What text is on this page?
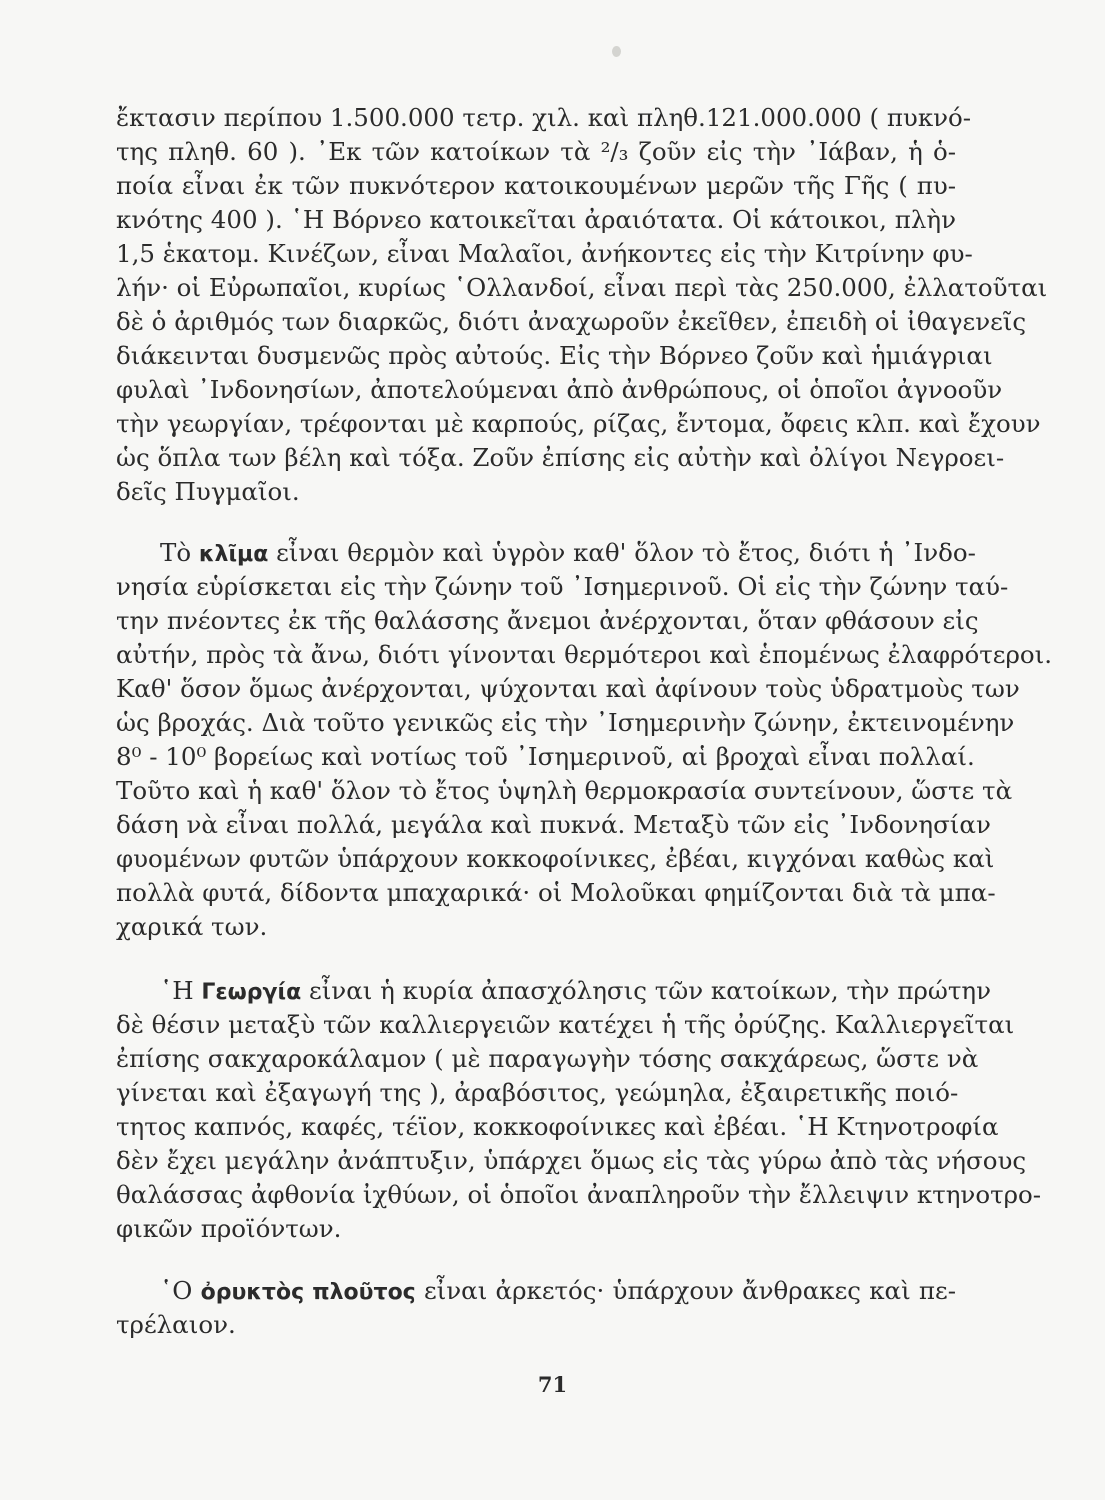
ἔκτασιν περίπου 1.500.000 τετρ. χιλ. καὶ πληθ.121.000.000 ( πυκνό-
της πληθ. 60 ). ᾿Εκ τῶν κατοίκων τὰ ²/₃ ζοῦν εἰς τὴν ᾿Ιάβαν, ἡ ὁ-
ποία εἶναι ἐκ τῶν πυκνότερον κατοικουμένων μερῶν τῆς Γῆς ( πυ-
κνότης 400 ). ῾Η Βόρνεο κατοικεῖται ἀραιότατα. Οἱ κάτοικοι, πλὴν
1,5 ἑκατομ. Κινέζων, εἶναι Μαλαῖοι, ἀνήκοντες εἰς τὴν Κιτρίνην φυ-
λήν· οἱ Εὐρωπαῖοι, κυρίως ῾Ολλανδοί, εἶναι περὶ τὰς 250.000, ἐλλατοῦται
δὲ ὁ ἀριθμός των διαρκῶς, διότι ἀναχωροῦν ἐκεῖθεν, ἐπειδὴ οἱ ἰθαγενεῖς
διάκεινται δυσμενῶς πρὸς αὐτούς. Εἰς τὴν Βόρνεο ζοῦν καὶ ἡμιάγριαι
φυλαὶ ᾿Ινδονησίων, ἀποτελούμεναι ἀπὸ ἀνθρώπους, οἱ ὁποῖοι ἀγνοοῦν
τὴν γεωργίαν, τρέφονται μὲ καρπούς, ρίζας, ἔντομα, ὄφεις κλπ. καὶ ἔχουν
ὡς ὅπλα των βέλη καὶ τόξα. Ζοῦν ἐπίσης εἰς αὐτὴν καὶ ὀλίγοι Νεγροει-
δεῖς Πυγμαῖοι.
Τὸ κλῖμα εἶναι θερμὸν καὶ ὑγρὸν καθ' ὅλον τὸ ἔτος, διότι ἡ ᾿Ινδο-
νησία εὑρίσκεται εἰς τὴν ζώνην τοῦ ᾿Ισημερινοῦ. Οἱ εἰς τὴν ζώνην ταύ-
την πνέοντες ἐκ τῆς θαλάσσης ἄνεμοι ἀνέρχονται, ὅταν φθάσουν εἰς
αὐτήν, πρὸς τὰ ἄνω, διότι γίνονται θερμότεροι καὶ ἑπομένως ἐλαφρότεροι.
Καθ' ὅσον ὅμως ἀνέρχονται, ψύχονται καὶ ἀφίνουν τοὺς ὑδρατμοὺς των
ὡς βροχάς. Διὰ τοῦτο γενικῶς εἰς τὴν ᾿Ισημερινὴν ζώνην, ἐκτεινομένην
8⁰ - 10⁰ βορείως καὶ νοτίως τοῦ ᾿Ισημερινοῦ, αἱ βροχαὶ εἶναι πολλαί.
Τοῦτο καὶ ἡ καθ' ὅλον τὸ ἔτος ὑψηλὴ θερμοκρασία συντείνουν, ὥστε τὰ
δάση νὰ εἶναι πολλά, μεγάλα καὶ πυκνά. Μεταξὺ τῶν εἰς ᾿Ινδονησίαν
φυομένων φυτῶν ὑπάρχουν κοκκοφοίνικες, ἐβέαι, κιγχόναι καθὼς καὶ
πολλὰ φυτά, δίδοντα μπαχαρικά· οἱ Μολοῦκαι φημίζονται διὰ τὰ μπα-
χαρικά των.
῾Η Γεωργία εἶναι ἡ κυρία ἀπασχόλησις τῶν κατοίκων, τὴν πρώτην
δὲ θέσιν μεταξὺ τῶν καλλιεργειῶν κατέχει ἡ τῆς ὀρύζης. Καλλιεργεῖται
ἐπίσης σακχαροκάλαμον ( μὲ παραγωγὴν τόσης σακχάρεως, ὥστε νὰ
γίνεται καὶ ἐξαγωγή της ), ἀραβόσιτος, γεώμηλα, ἐξαιρετικῆς ποιό-
τητος καπνός, καφές, τέϊον, κοκκοφοίνικες καὶ ἐβέαι. ῾Η Κτηνοτροφία
δὲν ἔχει μεγάλην ἀνάπτυξιν, ὑπάρχει ὅμως εἰς τὰς γύρω ἀπὸ τὰς νήσους
θαλάσσας ἀφθονία ἰχθύων, οἱ ὁποῖοι ἀναπληροῦν τὴν ἔλλειψιν κτηνοτρο-
φικῶν προϊόντων.
῾Ο ὀρυκτὸς πλοῦτος εἶναι ἀρκετός· ὑπάρχουν ἄνθρακες καὶ πε-
τρέλαιον.
71
